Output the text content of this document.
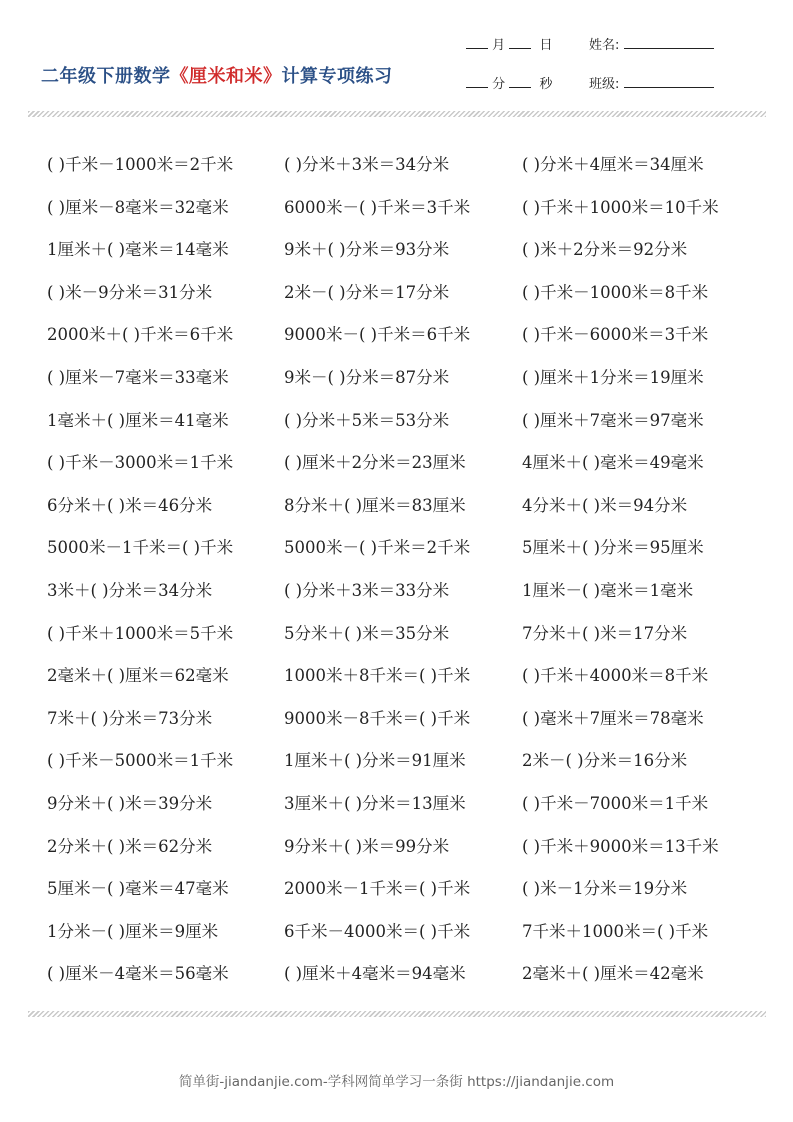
二年级下册数学《厘米和米》计算专项练习
月	日	姓名:
分	秒	班级:
( )千米－1000米＝2千米	( )分米＋3米＝34分米	( )分米＋4厘米＝34厘米
( )厘米－8毫米＝32毫米	6000米－( )千米＝3千米	( )千米＋1000米＝10千米
1厘米＋( )毫米＝14毫米	9米＋( )分米＝93分米	( )米＋2分米＝92分米
( )米－9分米＝31分米	2米－( )分米＝17分米	( )千米－1000米＝8千米
2000米＋( )千米＝6千米	9000米－( )千米＝6千米	( )千米－6000米＝3千米
( )厘米－7毫米＝33毫米	9米－( )分米＝87分米	( )厘米＋1分米＝19厘米
1毫米＋( )厘米＝41毫米	( )分米＋5米＝53分米	( )厘米＋7毫米＝97毫米
( )千米－3000米＝1千米	( )厘米＋2分米＝23厘米	4厘米＋( )毫米＝49毫米
6分米＋( )米＝46分米	8分米＋( )厘米＝83厘米	4分米＋( )米＝94分米
5000米－1千米＝( )千米	5000米－( )千米＝2千米	5厘米＋( )分米＝95厘米
3米＋( )分米＝34分米	( )分米＋3米＝33分米	1厘米－( )毫米＝1毫米
( )千米＋1000米＝5千米	5分米＋( )米＝35分米	7分米＋( )米＝17分米
2毫米＋( )厘米＝62毫米	1000米＋8千米＝( )千米	( )千米＋4000米＝8千米
7米＋( )分米＝73分米	9000米－8千米＝( )千米	( )毫米＋7厘米＝78毫米
( )千米－5000米＝1千米	1厘米＋( )分米＝91厘米	2米－( )分米＝16分米
9分米＋( )米＝39分米	3厘米＋( )分米＝13厘米	( )千米－7000米＝1千米
2分米＋( )米＝62分米	9分米＋( )米＝99分米	( )千米＋9000米＝13千米
5厘米－( )毫米＝47毫米	2000米－1千米＝( )千米	( )米－1分米＝19分米
1分米－( )厘米＝9厘米	6千米－4000米＝( )千米	7千米＋1000米＝( )千米
( )厘米－4毫米＝56毫米	( )厘米＋4毫米＝94毫米	2毫米＋( )厘米＝42毫米
简单街-jiandanjie.com-学科网简单学习一条街 https://jiandanjie.com
